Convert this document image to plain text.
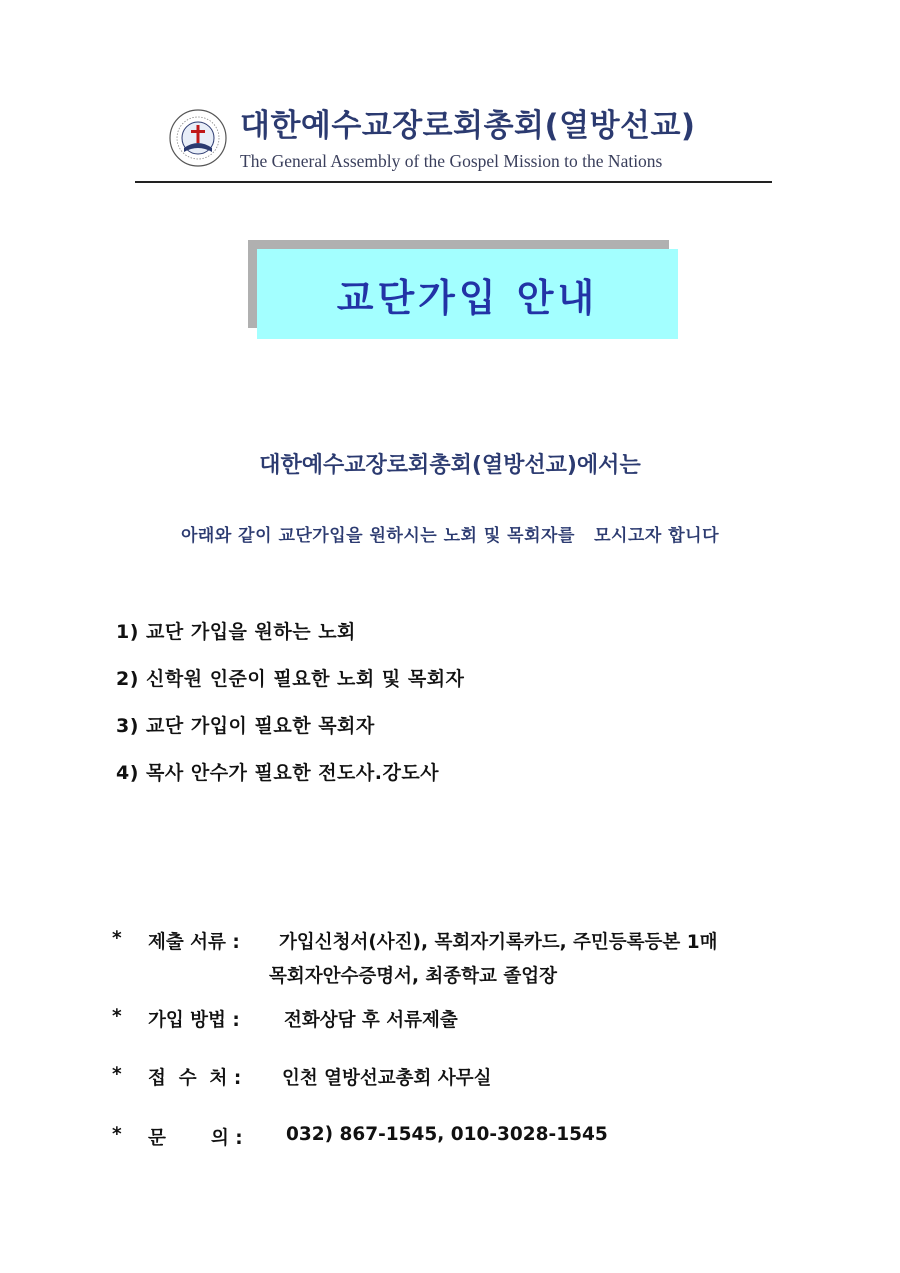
대한예수교장로회총회(열방선교)
The General Assembly of the Gospel Mission to the Nations
교단가입 안내
대한예수교장로회총회(열방선교)에서는
아래와 같이 교단가입을 원하시는 노회 및 목회자를   모시고자 합니다
1) 교단 가입을 원하는 노회
2) 신학원 인준이 필요한 노회 및 목회자
3) 교단 가입이 필요한 목회자
4) 목사 안수가 필요한 전도사.강도사

*

제출 서류 :

가입신청서(사진), 목회자기록카드, 주민등록등본 1매

목회자안수증명서, 최종학교 졸업장

*

가입 방법 :

전화상담 후 서류제출

*

접  수  처 :

인천 열방선교총회 사무실

*

문       의 :

032) 867-1545, 010-3028-1545
